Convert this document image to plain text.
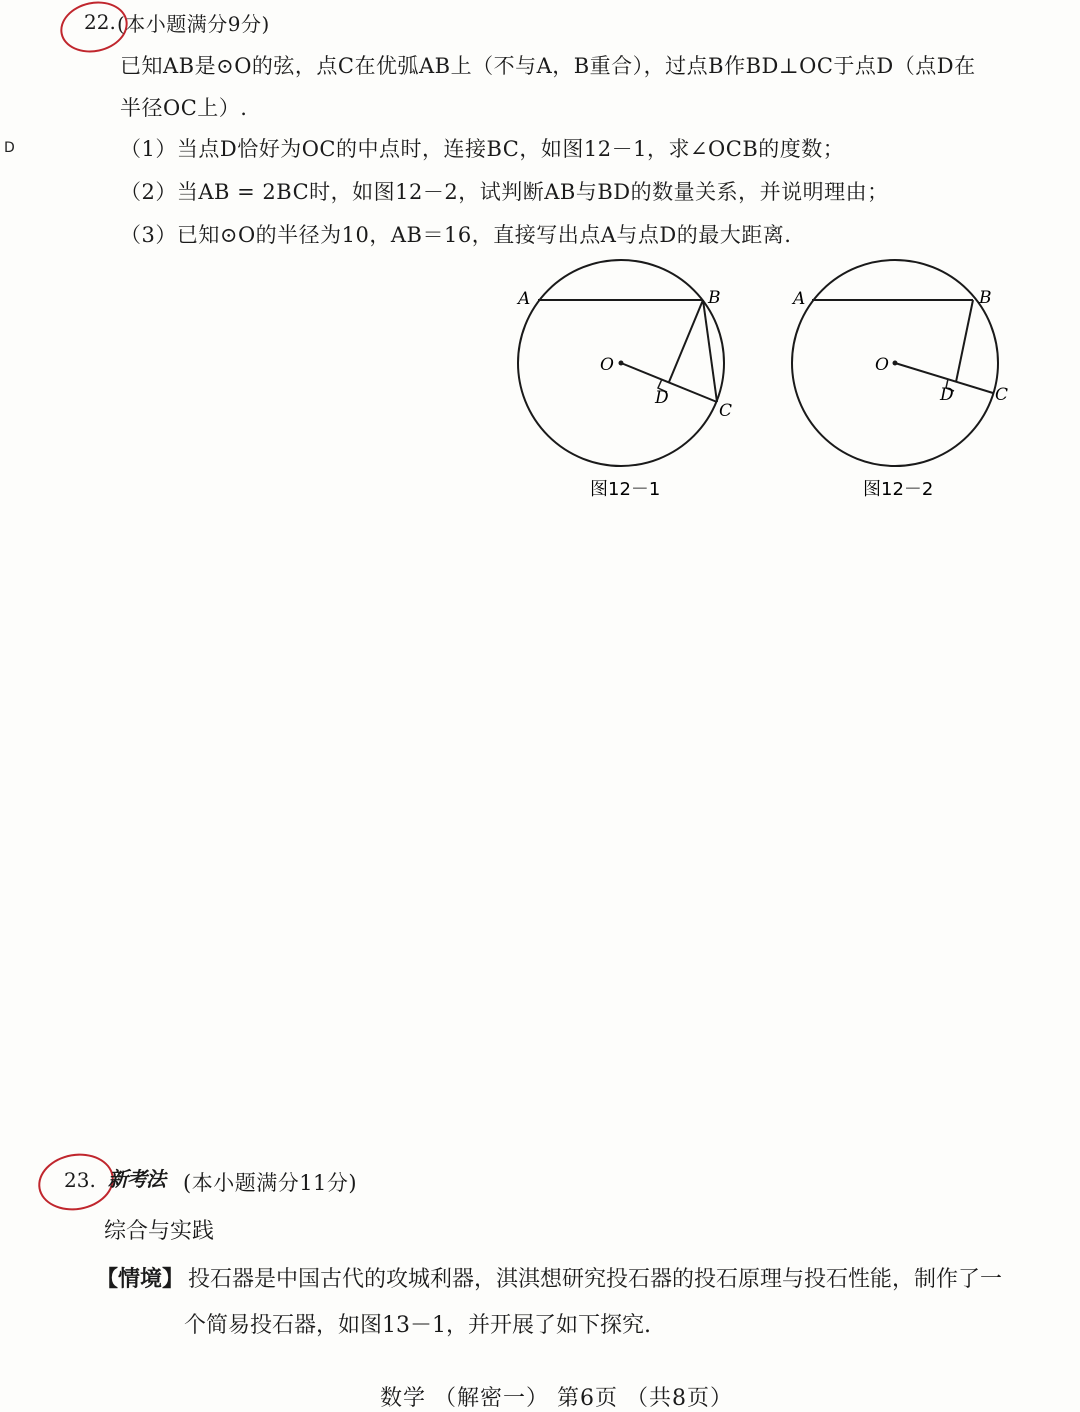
D
22. (本小题满分9分)
已知AB是⊙O的弦，点C在优弧AB上（不与A，B重合），过点B作BD⊥OC于点D（点D在
半径OC上）.
（1）当点D恰好为OC的中点时，连接BC，如图12－1，求∠OCB的度数；
（2）当AB = 2BC时，如图12－2，试判断AB与BD的数量关系，并说明理由；
（3）已知⊙O的半径为10，AB＝16，直接写出点A与点D的最大距离.
A	B
O
D
C
图12－1
A	B
O
D C
图12－2
23. 新考法 (本小题满分11分)
综合与实践
【情境】 投石器是中国古代的攻城利器，淇淇想研究投石器的投石原理与投石性能，制作了一
个简易投石器，如图13－1，并开展了如下探究.
数学 （解密一） 第6页 （共8页）
